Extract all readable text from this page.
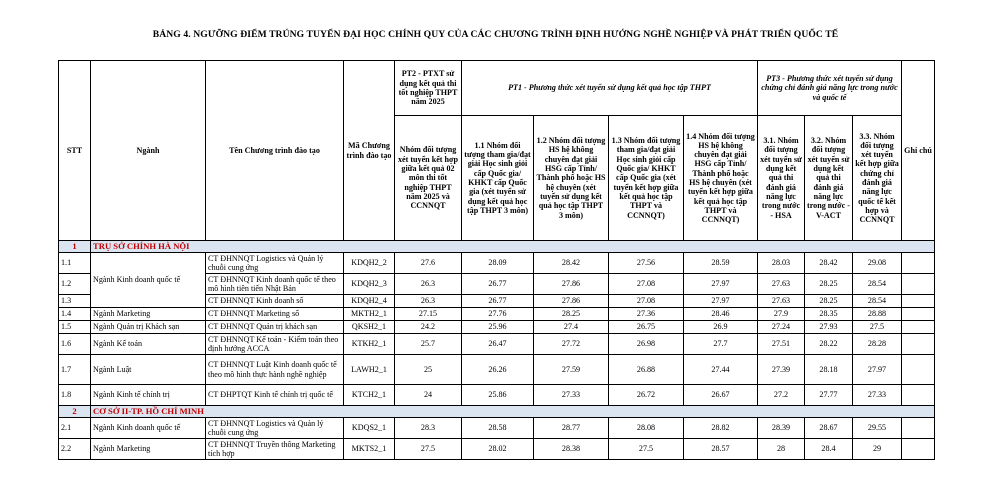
BẢNG 4. NGƯỠNG ĐIỂM TRÚNG TUYỂN ĐẠI HỌC CHÍNH QUY CỦA CÁC CHƯƠNG TRÌNH ĐỊNH HƯỚNG NGHỀ NGHIỆP VÀ PHÁT TRIỂN QUỐC TẾ
STT	Ngành	Tên Chương trình đào tạo	Mã Chương trình đào tạo	PT2 - PTXT sử dụng kết quả thi tốt nghiệp THPT năm 2025	PT1 - Phương thức xét tuyển sử dụng kết quả học tập THPT				PT3 - Phương thức xét tuyển sử dụng chứng chỉ đánh giá năng lực trong nước và quốc tế			Ghi chú
				Nhóm đối tượng xét tuyển kết hợp giữa kết quả 02 môn thi tốt nghiệp THPT năm 2025 và CCNNQT	1.1 Nhóm đối tượng tham gia/đạt giải Học sinh giỏi cấp Quốc gia/ KHKT cấp Quốc gia (xét tuyển sử dụng kết quả học tập THPT 3 môn)	1.2 Nhóm đối tượng HS hệ không chuyên đạt giải HSG cấp Tỉnh/ Thành phố hoặc HS hệ chuyên (xét tuyển sử dụng kết quả học tập THPT 3 môn)	1.3 Nhóm đối tượng tham gia/đạt giải Học sinh giỏi cấp Quốc gia/ KHKT cấp Quốc gia (xét tuyển kết hợp giữa kết quả học tập THPT và CCNNQT)	1.4 Nhóm đối tượng HS hệ không chuyên đạt giải HSG cấp Tỉnh/ Thành phố hoặc HS hệ chuyên (xét tuyển kết hợp giữa kết quả học tập THPT và CCNNQT)	3.1. Nhóm đối tượng xét tuyển sử dụng kết quả thi đánh giá năng lực trong nước - HSA	3.2. Nhóm đối tượng xét tuyển sử dụng kết quả thi đánh giá năng lực trong nước - V-ACT	3.3. Nhóm đối tượng xét tuyển kết hợp giữa chứng chỉ đánh giá năng lực quốc tế kết hợp và CCNNQT	
1	TRỤ SỞ CHÍNH HÀ NỘI											
1.1	Ngành Kinh doanh quốc tế	CT ĐHNNQT Logistics và Quản lý chuỗi cung ứng	KDQH2_2	27.6	28.09	28.42	27.56	28.59	28.03	28.42	29.08	
1.2		CT ĐHNNQT Kinh doanh quốc tế theo mô hình tiên tiến Nhật Bản	KDQH2_3	26.3	26.77	27.86	27.08	27.97	27.63	28.25	28.54	
1.3		CT ĐHNNQT Kinh doanh số	KDQH2_4	26.3	26.77	27.86	27.08	27.97	27.63	28.25	28.54	
1.4	Ngành Marketing	CT ĐHNNQT Marketing số	MKTH2_1	27.15	27.76	28.25	27.36	28.46	27.9	28.35	28.88	
1.5	Ngành Quản trị Khách sạn	CT ĐHNNQT Quản trị khách sạn	QKSH2_1	24.2	25.96	27.4	26.75	26.9	27.24	27.93	27.5	
1.6	Ngành Kế toán	CT ĐHNNQT Kế toán - Kiểm toán theo định hướng ACCA	KTKH2_1	25.7	26.47	27.72	26.98	27.7	27.51	28.22	28.28	
1.7	Ngành Luật	CT ĐHNNQT Luật Kinh doanh quốc tế theo mô hình thực hành nghề nghiệp	LAWH2_1	25	26.26	27.59	26.88	27.44	27.39	28.18	27.97	
1.8	Ngành Kinh tế chính trị	CT ĐHPTQT Kinh tế chính trị quốc tế	KTCH2_1	24	25.86	27.33	26.72	26.67	27.2	27.77	27.33	
2	CƠ SỞ II-TP. HỒ CHÍ MINH											
2.1	Ngành Kinh doanh quốc tế	CT ĐHNNQT Logistics và Quản lý chuỗi cung ứng	KDQS2_1	28.3	28.58	28.77	28.08	28.82	28.39	28.67	29.55	
2.2	Ngành Marketing	CT ĐHNNQT Truyền thông Marketing tích hợp	MKTS2_1	27.5	28.02	28.38	27.5	28.57	28	28.4	29	
